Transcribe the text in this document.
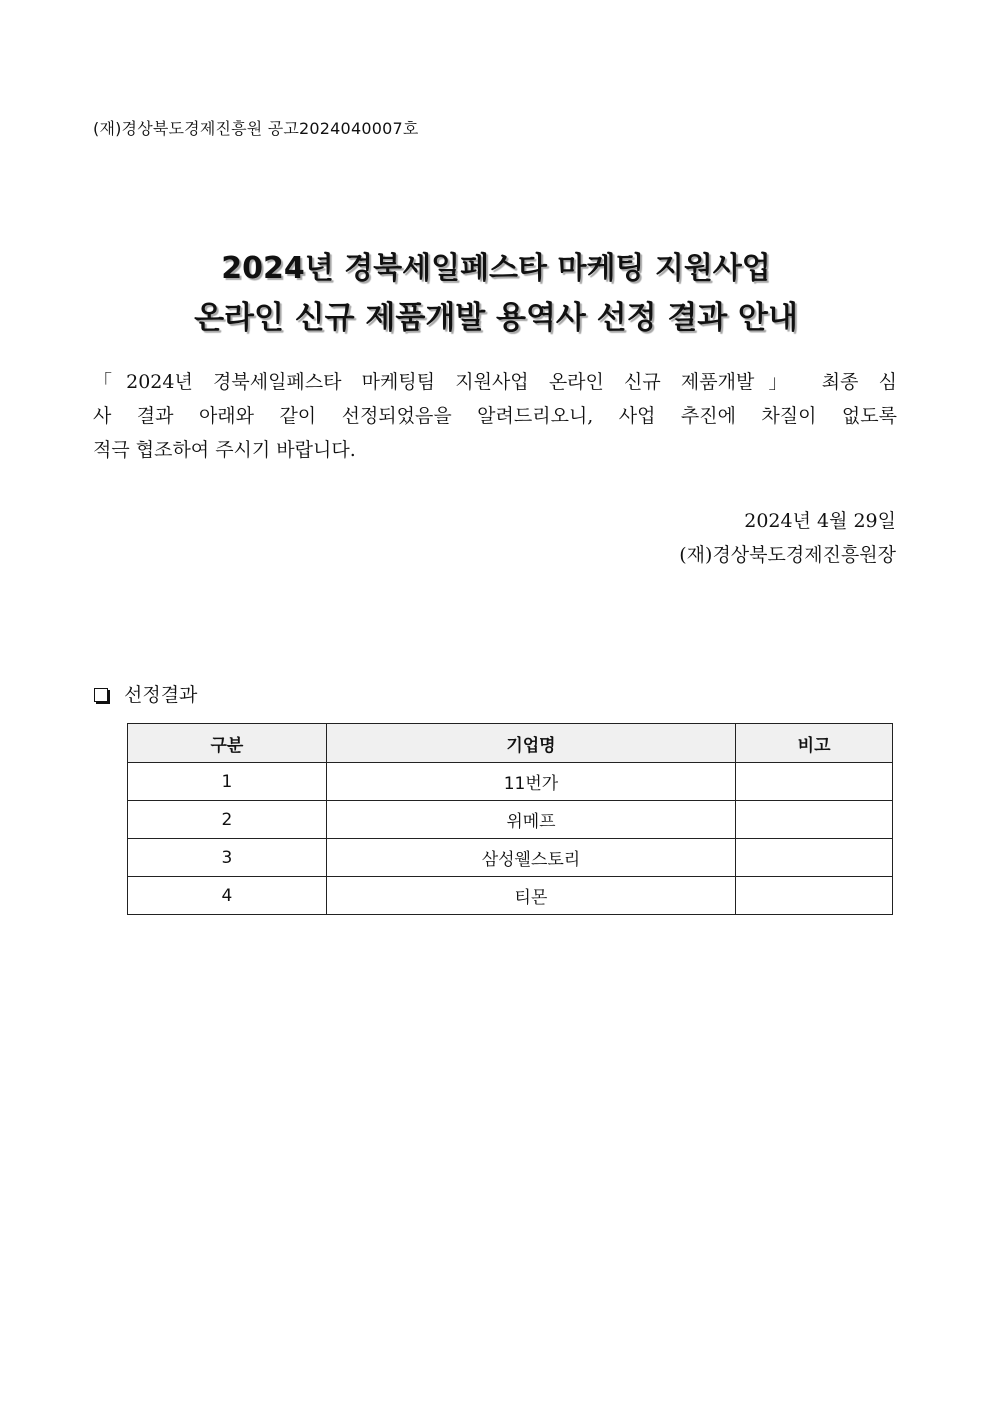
(재)경상북도경제진흥원 공고2024040007호
2024년 경북세일페스타 마케팅 지원사업
온라인 신규 제품개발 용역사 선정 결과 안내
「2024년 경북세일페스타 마케팅팀 지원사업 온라인 신규 제품개발」 최종 심
사 결과 아래와 같이 선정되었음을 알려드리오니, 사업 추진에 차질이 없도록
적극 협조하여 주시기 바랍니다.
2024년 4월 29일
(재)경상북도경제진흥원장
선정결과
구분	기업명	비고
1	11번가	
2	위메프	
3	삼성웰스토리	
4	티몬	
